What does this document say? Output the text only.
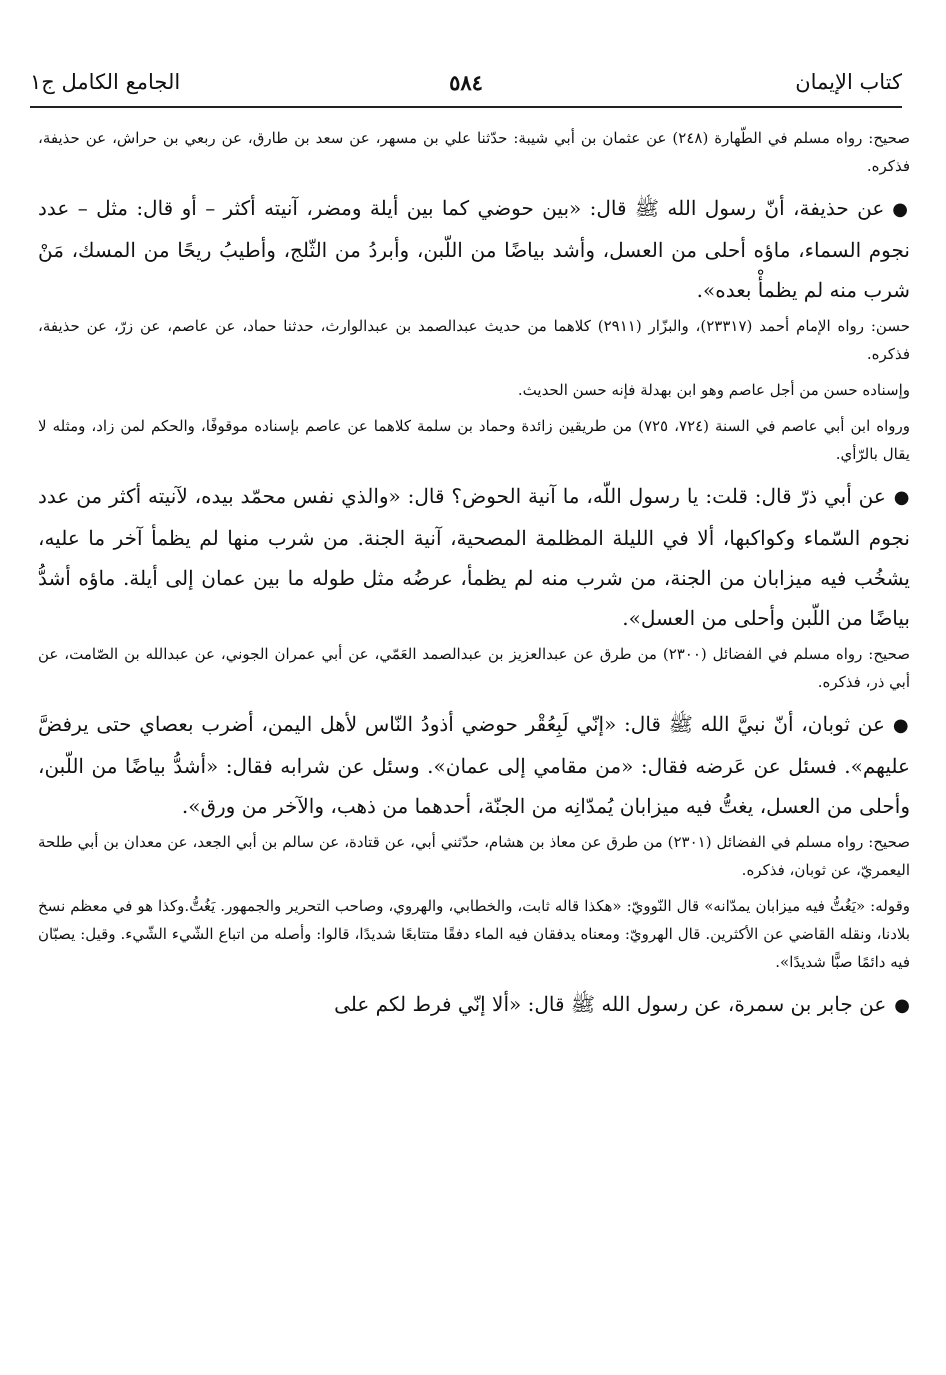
كتاب الإيمان
٥٨٤
الجامع الكامل ج١

صحيح: رواه مسلم في الطّهارة (٢٤٨) عن عثمان بن أبي شيبة: حدّثنا علي بن مسهر، عن سعد بن طارق، عن ربعي بن حراش، عن حذيفة، فذكره.

●عن حذيفة، أنّ رسول الله ﷺ قال: «بين حوضي كما بين أيلة ومضر، آنيته أكثر – أو قال: مثل – عدد نجوم السماء، ماؤه أحلى من العسل، وأشد بياضًا من اللّبن، وأبردُ من الثّلج، وأطيبُ ريحًا من المسك، مَنْ شرب منه لم يظمأْ بعده».

حسن: رواه الإمام أحمد (٢٣٣١٧)، والبزّار (٢٩١١) كلاهما من حديث عبدالصمد بن عبدالوارث، حدثنا حماد، عن عاصم، عن زرّ، عن حذيفة، فذكره.

وإسناده حسن من أجل عاصم وهو ابن بهدلة فإنه حسن الحديث.

ورواه ابن أبي عاصم في السنة (٧٢٤، ٧٢٥) من طريقين زائدة وحماد بن سلمة كلاهما عن عاصم بإسناده موقوفًا، والحكم لمن زاد، ومثله لا يقال بالرّأي.

●عن أبي ذرّ قال: قلت: يا رسول اللّه، ما آنية الحوض؟ قال: «والذي نفس محمّد بيده، لآنيته أكثر من عدد نجوم السّماء وكواكبها، ألا في الليلة المظلمة المصحية، آنية الجنة. من شرب منها لم يظمأ آخر ما عليه، يشخُب فيه ميزابان من الجنة، من شرب منه لم يظمأ، عرضُه مثل طوله ما بين عمان إلى أيلة. ماؤه أشدُّ بياضًا من اللّبن وأحلى من العسل».

صحيح: رواه مسلم في الفضائل (٢٣٠٠) من طرق عن عبدالعزيز بن عبدالصمد العَمّي، عن أبي عمران الجوني، عن عبدالله بن الصّامت، عن أبي ذر، فذكره.

●عن ثوبان، أنّ نبيَّ الله ﷺ قال: «إنّي لَبِعُقْر حوضي أذودُ النّاس لأهل اليمن، أضرب بعصاي حتى يرفضَّ عليهم». فسئل عن عَرضه فقال: «من مقامي إلى عمان». وسئل عن شرابه فقال: «أشدُّ بياضًا من اللّبن، وأحلى من العسل، يغتُّ فيه ميزابان يُمدّانِه من الجنّة، أحدهما من ذهب، والآخر من ورق».

صحيح: رواه مسلم في الفضائل (٢٣٠١) من طرق عن معاذ بن هشام، حدّثني أبي، عن قتادة، عن سالم بن أبي الجعد، عن معدان بن أبي طلحة اليعمريّ، عن ثوبان، فذكره.

وقوله: «يَغُتُّ فيه ميزابان يمدّانه» قال النّوويّ: «هكذا قاله ثابت، والخطابي، والهروي، وصاحب التحرير والجمهور. يَغُتُّ.وكذا هو في معظم نسخ بلادنا، ونقله القاضي عن الأكثرين. قال الهرويّ: ومعناه يدفقان فيه الماء دفقًا متتابعًا شديدًا، قالوا: وأصله من اتباع الشّيء الشّيء. وقيل: يصبّان فيه دائمًا صبًّا شديدًا».

●عن جابر بن سمرة، عن رسول الله ﷺ قال: «ألا إنّي فرط لكم على
